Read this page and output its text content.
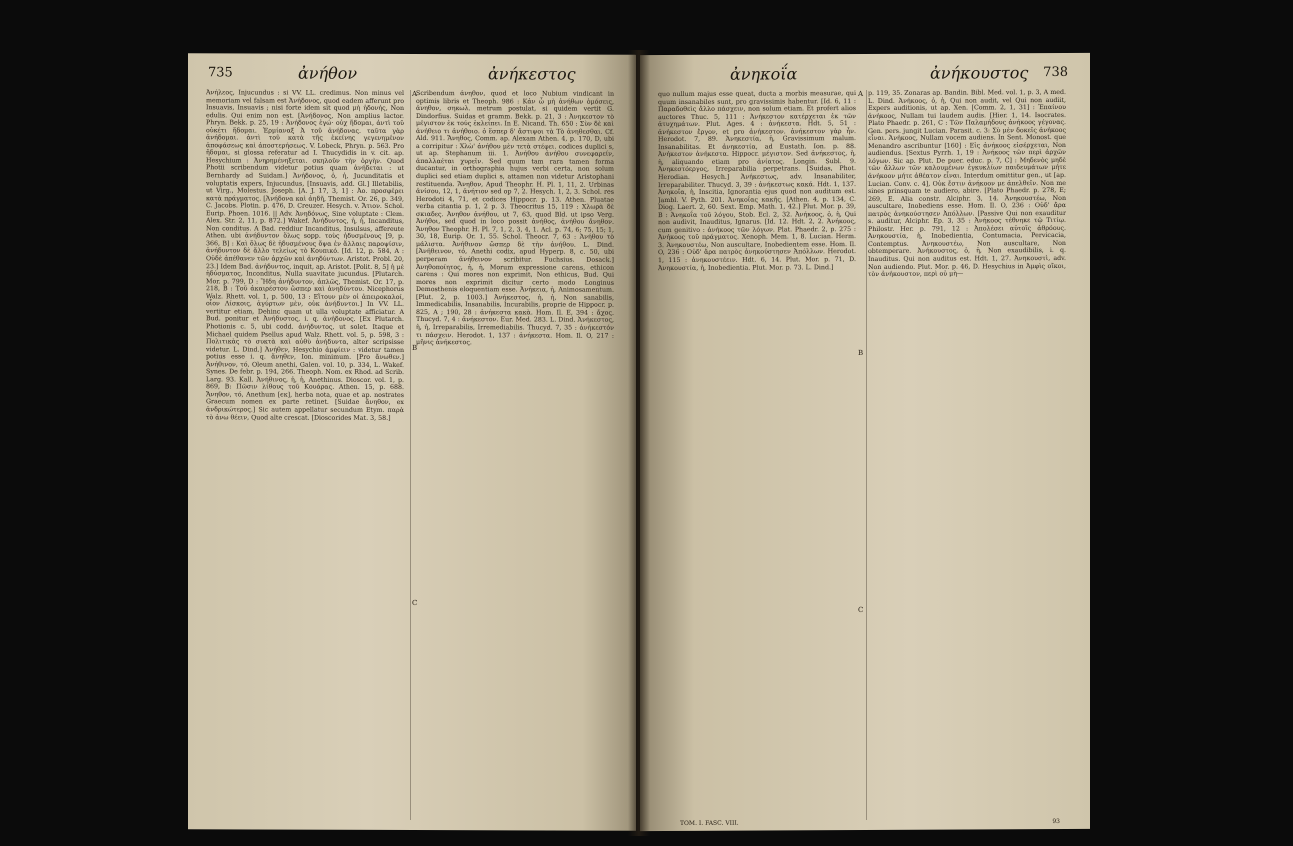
735	ἀνήθον	ἀνήκεστος
A
B
C
Ἀνήλεος, Injucundus : si VV. LL. credimus. Non minus vel memoriam vel falsam est Ἀνήδονος, quod eadem afferunt pro Insuavis, Insuavis ; nisi forte idem sit quod μὴ ἡδονής, Non edulis. Qui enim non est. [Ἀνήδονος, Non amplius lactor. Phryn. Bekk. p. 25, 19 : Ἀνήδονος ἐγώ· οὐχ ἥδομαι, ἀντὶ τοῦ οὐκέτι ἥδομαι. Ἐρμίαναξ Ἀ τοῦ ἀνήδονας. ταῦτα γὰρ ἀνήδομαι. ἀντὶ τοῦ κατὰ τῆς ἐκείνης γεγενημένον ἀποφάσεως καὶ ἀποστερήσεως. V. Lobeck, Phryn. p. 563. Pro ἥδομαι, si glossa referatur ad I. Thucydidis in v. cit. ap. Hesychium : Ἀνηρημένηξεται. σκηλοῦν τὴν ὀργὴν. Quod Photii scribendum videtur potius quam ἀνήδεται : ut Bernhardy ad Suidam.] Ἀνήδονος, ὁ, ἡ, Jucunditatis et voluptatis expers, Injucundus, [Insuavis, add. Gl.] Illetabilis, ut Virg., Molestus. Joseph. [A. J. 17, 3, 1] : Ἀο. προσφέρει κατὰ πράγματος. [Ἀνήδονα καὶ ἀηδῆ, Themist. Or. 26, p. 349, C. Jacobs. Plotin. p. 476, D. Creuzer. Hesych. v. Ἄτιον. Schol. Eurip. Phoen. 1016. || Adv. Ἀνηδόνως, Sine voluptate : Clem. Alex. Str. 2, 11, p. 872.] Wakef. Ἀνήδυντος, ἡ, ἡ, Incanditus, Non conditus. A Bad. reddiur Incanditus, Insulsus, affereute Athen. ubi ἀνήδυντον ὅλως sopp. τοὺς ἡδυσμένους [9, p. 366, B] : Καὶ ὅλως δὲ ἡδυσμένους ὄψα ἐν ἄλλαις παροψίσιν, ἀνήδυντον δὲ ἄλλο τελείως τὸ Κουπικό. [Id. 12, p. 584, A : Οὐδὲ ἀπέθανεν τῶν ἀρχῶν καὶ ἀνηδύντων. Aristot. Probl. 20, 23.] Idem Bad. ἀνήδυντος, inquit, ap. Aristot. [Polit. 8, 5] ἡ μὲ ἡδύσματος, Inconditus, Nulla suavitate jucundus. [Plutarch. Mor. p. 799, D : Ἥδη ἀνήδυντον, ἁπλῶς, Themist. Or. 17, p. 218, B : Τοῦ ἀκαιρέστου ὥσπερ καὶ ἀνηδύντου. Nicephorus Walz. Rhett. vol. 1, p. 500, 13 : Εἴτουν μὲν οἱ ἀπειροκαλοί, οἷον Λίσκοις, ἀγύρτων μὲν, οὐκ ἀνήδυντοι.] In VV. LL. vertitur etiam, Dehinc quam ut ulla voluptate afficiatur. A Bud. ponitur et Ἀνήδυστος, i. q. ἀνήδονος. [Ex Plutarch. Photionis c. 5, ubi codd. ἀνήδυντος, ut solet. Itaque et Michael quidem Psellus apud Walz. Rhett. vol. 5, p. 598, 3 : Πολιτικὰς τὸ συκτὰ καὶ αὐθὺ ἀνήδυντα, alter scripsisse videtur. L. Dind.] Ἀνήθεν, Hesychio ἀμφίειν : videtur tamen potius esse i. q. ἄνηθεν, Ion. minimum. [Pro ἄνωθεν.] Ἀνήθινον, τό, Oleum anethi, Galen. vol. 10, p. 334, L. Wakef. Synes. De febr. p. 194, 266. Theoph. Nom. ex Rhod. ad Scrib. Larg. 93. Kall. Ἀνήθινος, ἡ, ἡ, Anethinus. Dioscor. vol. 1, p. 869, B: Πῶσιν λίθους τοῦ Κουάρας. Athen. 15, p. 688. Ἄνηθον, τό, Anethum [ϵκ], herba nota, quae et ap. nostrates Graecum nomen ex parte retinet. [Suidae ἄνηθον, ex ἀνδρικώτερος.] Sic autem appellatur secundum Etym. παρὰ τὸ ἀνω θέειν, Quod alte crescat. [Dioscorides Mat. 3, 58.]
Scribendum ἀνηθον, quod et loco Nubium vindicant in optimis libris et Theoph. 986 : Κἀν ὦ μὴ ἀνήθων ὀμόσεις, ἀνηθον, σηκωλ. metrum postulat, si quidem vertit G. Dindorfius. Suidas et gramm. Bekk. p. 21, 3 : Ἀνηκεστον τὸ μέγιστον ἐκ τούς ἐκλείπει. In E. Nicand. Th. 650 : Σὺν δὲ καὶ ἀνήθειο τι ἀνήθοιο. ὁ ἕσπερ δ' ἄστιψοι τὰ Τὸ ἀνηθεσθαι. Cf. Ald. 911. Ἄνηθος, Comm. ap. Alexam Athen. 4, p. 170, D, ubi a corripitur : Χλὼ' ἀνήθου μὲν τετὰ στέφει. codices duplici s, ut ap. Stephanum iii. 1. Ἀνήθου ἀνήθου συνεφαρείν, ἀπαλλαέται χυρεῖν. Sed quum tam rara tamen forma ducantur, in orthographia hujus verbi certa, non solum duplici sed etiam duplici s, attamen non videtur Aristophani restituenda. Ἄνηθον, Apud Theophr. H. Pl. 1, 11, 2. Urbinas ἀνίσου, 12, 1, ἀνήτιον sed op 7, 2. Hesych. 1, 2, 3. Schol. res Herodoti 4, 71, et codices Hippocr. p. 13. Athen. Pluatae verba citantia p. 1, 2 p. 3. Theocritus 15, 119 : Χλωρὰ δὲ σκιαδες. Ἀνηθον ἀνήθου, ut 7, 63, quod Bld. ut ipso Verg. Ἀνήθοι, sed quod in loco possit ἀνήθος, ἀνήθου ἄνηθον. Ἄνηθον Theophr. H. Pl. 7, 1, 2, 3, 4, 1. Acl. p. 74, 6; 75, 15; 1, 30, 18, Eurip. Or. 1, 55. Schol. Theocr. 7, 63 : Ἀνήθου τὸ μάλιστα. Ἀνήθινον ὥσπερ δὲ τὴν ἀνήθου. L. Dind. [Ἀνήθεινον, τό, Anethi codix, apud Hyperp. 8, c. 50, ubi perperam ἀνήθεινον scribitur. Fuchsius. Dosack.] Ἀνηθοποίητος, ἡ, ἡ, Morum expressione carens, ethicon carens : Qui mores non exprimit, Non ethicus, Bud. Qui mores non exprimit dicitur certo modo Longinus Demosthenis eloquentiam esse. Ἀνήκεια, ἡ, Animosamentum. [Plut. 2, p. 1003.] Ἀνήκεστος, ἡ, ἡ, Non sanabilis, Immedicabilis, Insanabilis, Incurabilis, proprie de Hippocr. p. 825, A ; 190, 28 : ἀνήκεστα κακὰ. Hom. Il. E, 394 : ἄχος. Thucyd. 7, 4 : ἀνήκεστον. Eur. Med. 283. L. Dind. Ἀνήκεστος, ἡ, ἡ, Irreparabilis, Irremediabilis. Thucyd. 7, 35 : ἀνήκεστόν τι πάσχειν. Herodot. 1, 137 : ἀνήκεστα. Hom. Il. O, 217 : μῆνις ἀνήκεστος.
ἀνηκοΐα	ἀνήκουστος 738
A
B
C
quo nullum majus esse queat, ducta a morbis measurae, qui quum insanabiles sunt, pro gravissimis habentur. [Id. 6, 11 : Παραδοθεὶς ἄλλο πάσχειν, non solum etiam. Et profert alios auctores Thuc. 5, 111 : Ἀνήκεστον κατέρχεται ἐκ τῶν ἀτυχημάτων. Plut. Ages. 4 : ἀνήκεστα. Hdt. 5, 51 : ἀνήκεστον ἔργον, et pro ἀνήκεστον. ἀνήκεστον γὰρ ἦν. Herodot. 7, 89. Ἀνηκεστία, ἡ, Gravissimum malum. Insanabilitas. Et ἀνηκεστία, ad Eustath. Ion. p. 88. Ἀνήκεστον ἀνήκεστα. Hippocr. μέγιστον. Sed ἀνήκεστος, ἡ, ἡ, aliquando etiam pro ἀνίατος. Longin. Subl. 9. Ἀνηκεστόεργος, Irreparabilia perpetrans. [Suidas, Phot. Herodian. Hesych.] Ἀνήκεστως, adv. Insanabiliter, Irreparabiliter. Thucyd. 3, 39 : ἀνήκεστως κακά. Hdt. 1, 137. Ἀνηκοΐα, ἡ, Inscitia, Ignorantia ejus quod non auditum est. Jambl. V. Pyth. 201. Ἀνηκοΐας κακῆς. [Athen. 4, p. 134, C. Diog. Laert. 2, 60. Sext. Emp. Math. 1, 42.] Plut. Mor. p. 39, B : Ἀνηκοΐα τοῦ λόγου, Stob. Ecl. 2, 32. Ἀνήκοος, ὁ, ἡ, Qui non audivit, Inauditus, Ignarus. [Id. 12. Hdt. 2, 2. Ἀνήκοος, cum genitivo : ἀνήκοος τῶν λόγων. Plat. Phaedr. 2, p. 275 : Ἀνήκοος τοῦ πράγματος. Xenoph. Mem. 1, 8. Lucian. Herm. 3. Ἀνηκουστέω, Non auscultare, Inobedientem esse. Hom. Il. O, 236 : Οὐδ' ἄρα πατρὸς ἀνηκούστησεν Ἀπόλλων. Herodot. 1, 115 : ἀνηκουστέειν. Hdt. 6, 14. Plut. Mor. p. 71, D. Ἀνηκουστία, ἡ, Inobedientia. Plut. Mor. p. 73. L. Dind.]
p. 119, 35. Zonaras ap. Bandin. Bibl. Med. vol. 1, p. 3, A med. L. Dind. Ἀνήκοος, ὁ, ἡ, Qui non audit, vel Qui non audiit, Expers auditionis, ut ap. Xen. [Comm. 2, 1, 31] : Ἐπαίνου ἀνήκοος, Nullam tui laudem audis. [Hier. 1, 14. Isocrates. Plato Phaedr. p. 261, C : Τῶν Παλαμήδους ἀνήκοος γέγονας. Gen. pers. jungit Lucian. Parasit. c. 3: Σὺ μὲν δοκεῖς ἀνήκοος εἶναι. Ἀνήκοος, Nullam vocem audiens. In Sent. Monost. que Menandro ascribuntur [160] : Εἰς ἀνήκοος εἰσέρχεται, Non audiendus. [Sextus Pyrrh. 1, 19 : Ἀνήκοος τῶν περὶ ἀρχῶν λόγων. Sic ap. Plut. De puer. educ. p. 7, C] : Μηδενὸς μηδὲ τῶν ἄλλων τῶν καλουμένων ἐγκυκλίων παιδευμάτων μήτε ἀνήκοον μήτε ἀθέατον εἶναι. Interdum omittitur gen., ut [ap. Lucian. Conv. c. 4], Οὐκ ἔστιν ἀνήκοον με ἀπελθεῖν. Non me sines prinsquam te audiero, abire. [Plato Phaedr. p. 278, E; 269, E. Alia constr. Alciphr. 3, 14. Ἀνηκουστέω, Non auscultare, Inobediens esse. Hom. Il. O, 236 : Οὐδ' ἄρα πατρὸς ἀνηκούστησεν Ἀπόλλων. [Passive Qui non exauditur s. auditur, Alciphr. Ep. 3, 35 : Ἀνήκοος τέθνηκε τῷ Τιτίῳ. Philostr. Her. p. 791, 12 : Ἀπολέσει αὐτοῖς ἀθρόους. Ἀνηκουστία, ἡ, Inobedientia, Contumacia, Pervicacia, Contemptus. Ἀνηκουστέω, Non auscultare, Non obtemperare. Ἀνήκουστος, ὁ, ἡ, Non exaudibilis, i. q. Inauditus. Qui non auditus est. Hdt. 1, 27. Ἀνηκουστὶ, adv. Non audiendo. Plut. Mor. p. 46, D. Hesychius in Ἀμφὶς οἴκοι, τὸν ἀνήκουστον, περὶ οὐ μὴ—
TOM. I. FASC. VIII.	93
